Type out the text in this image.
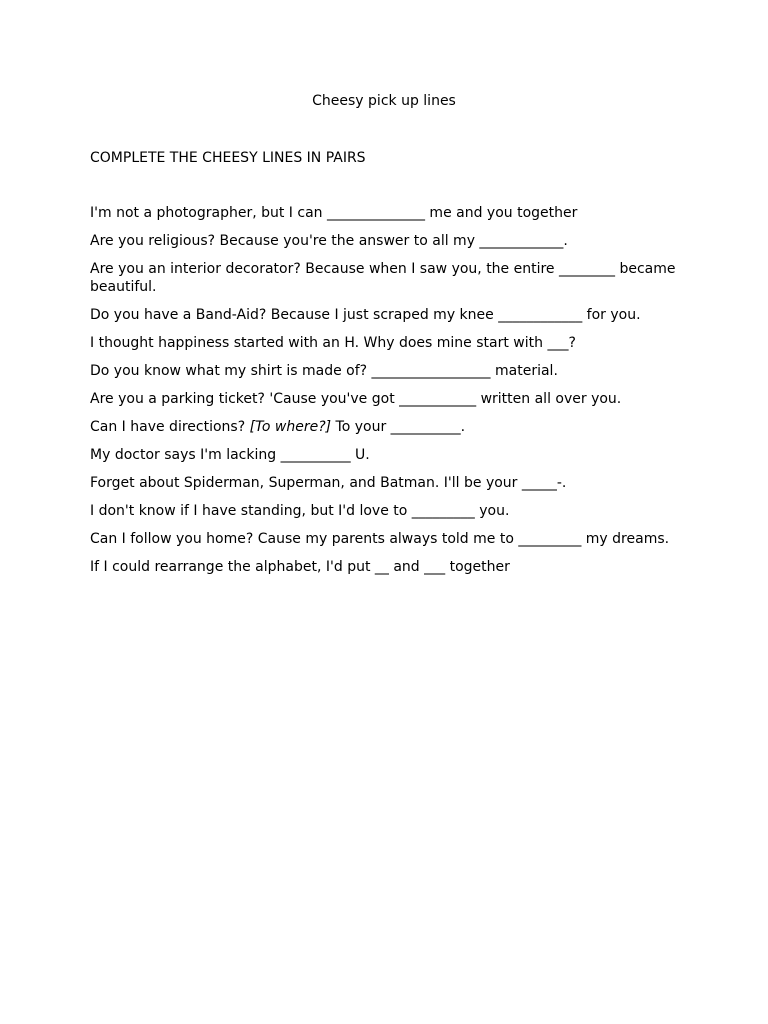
Cheesy pick up lines

COMPLETE THE CHEESY LINES IN PAIRS

I'm not a photographer, but I can ______________ me and you together
Are you religious? Because you're the answer to all my ____________.
Are you an interior decorator? Because when I saw you, the entire ________ became beautiful.
Do you have a Band-Aid? Because I just scraped my knee ____________ for you.
I thought happiness started with an H. Why does mine start with ___?
Do you know what my shirt is made of? _________________ material.
Are you a parking ticket? 'Cause you've got ___________ written all over you.
Can I have directions? [To where?] To your __________.
My doctor says I'm lacking __________ U.
Forget about Spiderman, Superman, and Batman. I'll be your _____-.
I don't know if I have standing, but I'd love to _________ you.
Can I follow you home? Cause my parents always told me to _________ my dreams.
If I could rearrange the alphabet, I'd put __ and ___ together
